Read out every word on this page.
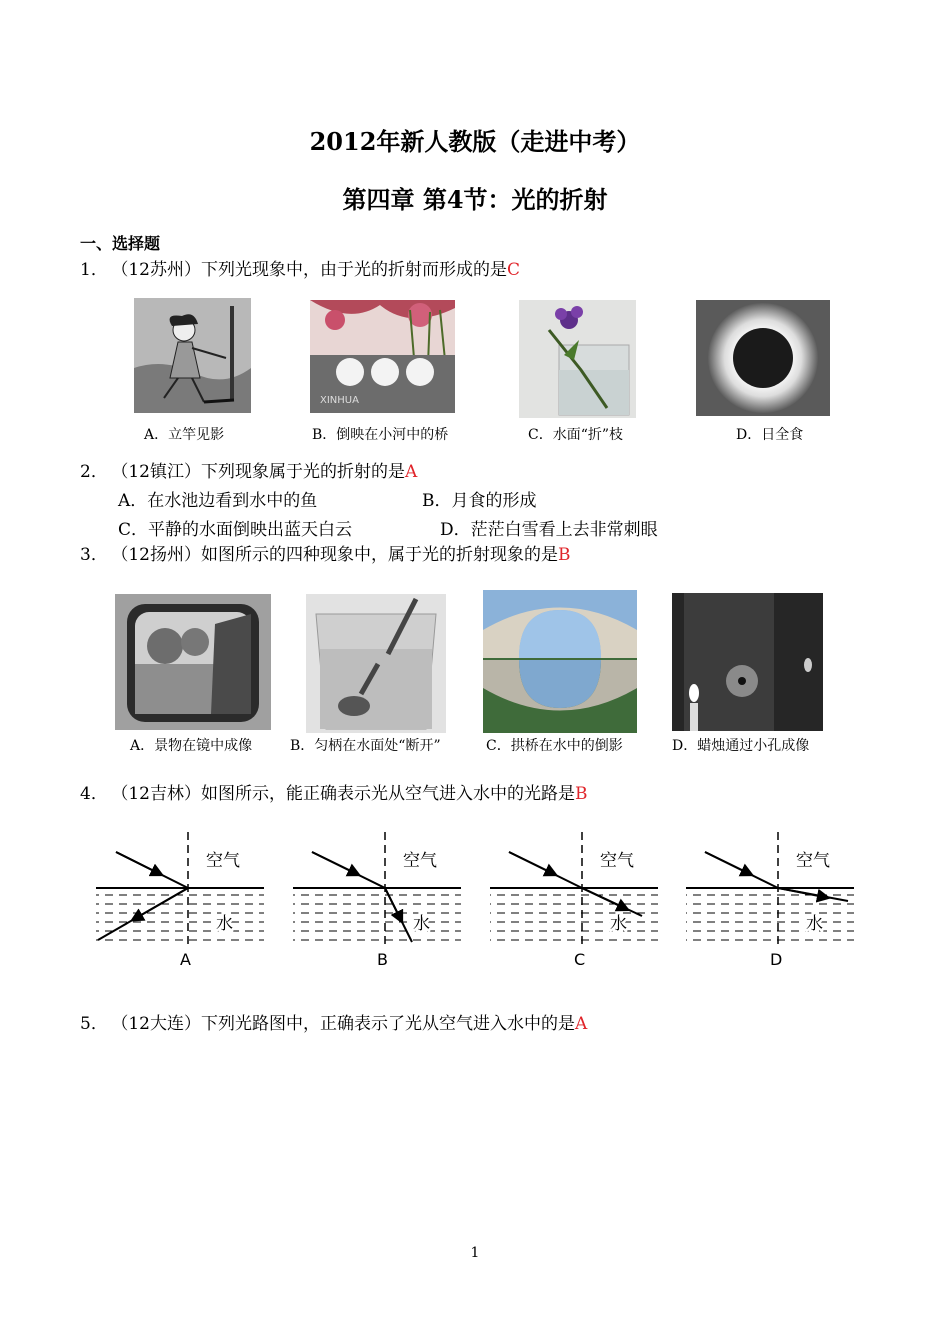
2012年新人教版（走进中考）
第四章 第4节：光的折射
一、选择题
1． （12苏州）下列光现象中，由于光的折射而形成的是C
XINHUA
A．立竿见影	B．倒映在小河中的桥	C．水面“折”枝	D．日全食
2． （12镇江）下列现象属于光的折射的是A
A．在水池边看到水中的鱼	B．月食的形成
C．平静的水面倒映出蓝天白云	D．茫茫白雪看上去非常刺眼
3． （12扬州）如图所示的四种现象中，属于光的折射现象的是B
A．景物在镜中成像	B．匀柄在水面处“断开”	C．拱桥在水中的倒影	D．蜡烛通过小孔成像
4． （12吉林）如图所示，能正确表示光从空气进入水中的光路是B
空气
水
A
空气
水
B
空气
水
C
空气
水
D
5． （12大连）下列光路图中，正确表示了光从空气进入水中的是A
1
